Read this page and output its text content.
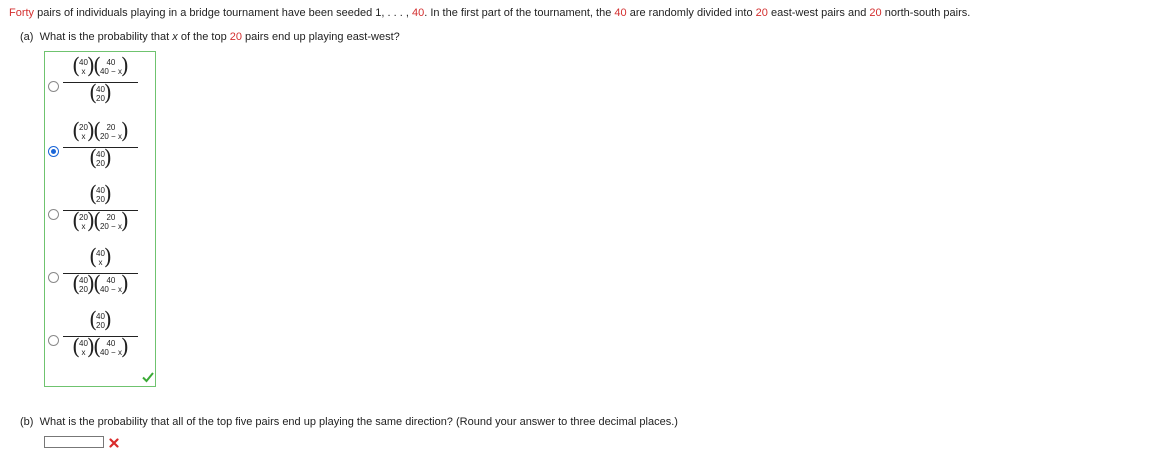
Forty pairs of individuals playing in a bridge tournament have been seeded 1, . . . , 40. In the first part of the tournament, the 40 are randomly divided into 20 east-west pairs and 20 north-south pairs.
(a) What is the probability that x of the top 20 pairs end up playing east-west?
( 40
x
)
( 40
40 − x
)
( 40
20
)
( 20
x
)
( 20
20 − x
)
( 40
20
)
( 40
20
)
( 20
x
)
( 20
20 − x
)
( 40
x
)
( 40
20
)
( 40
40 − x
)
( 40
20
)
( 40
x
)
( 40
40 − x
)
(b) What is the probability that all of the top five pairs end up playing the same direction? (Round your answer to three decimal places.)
